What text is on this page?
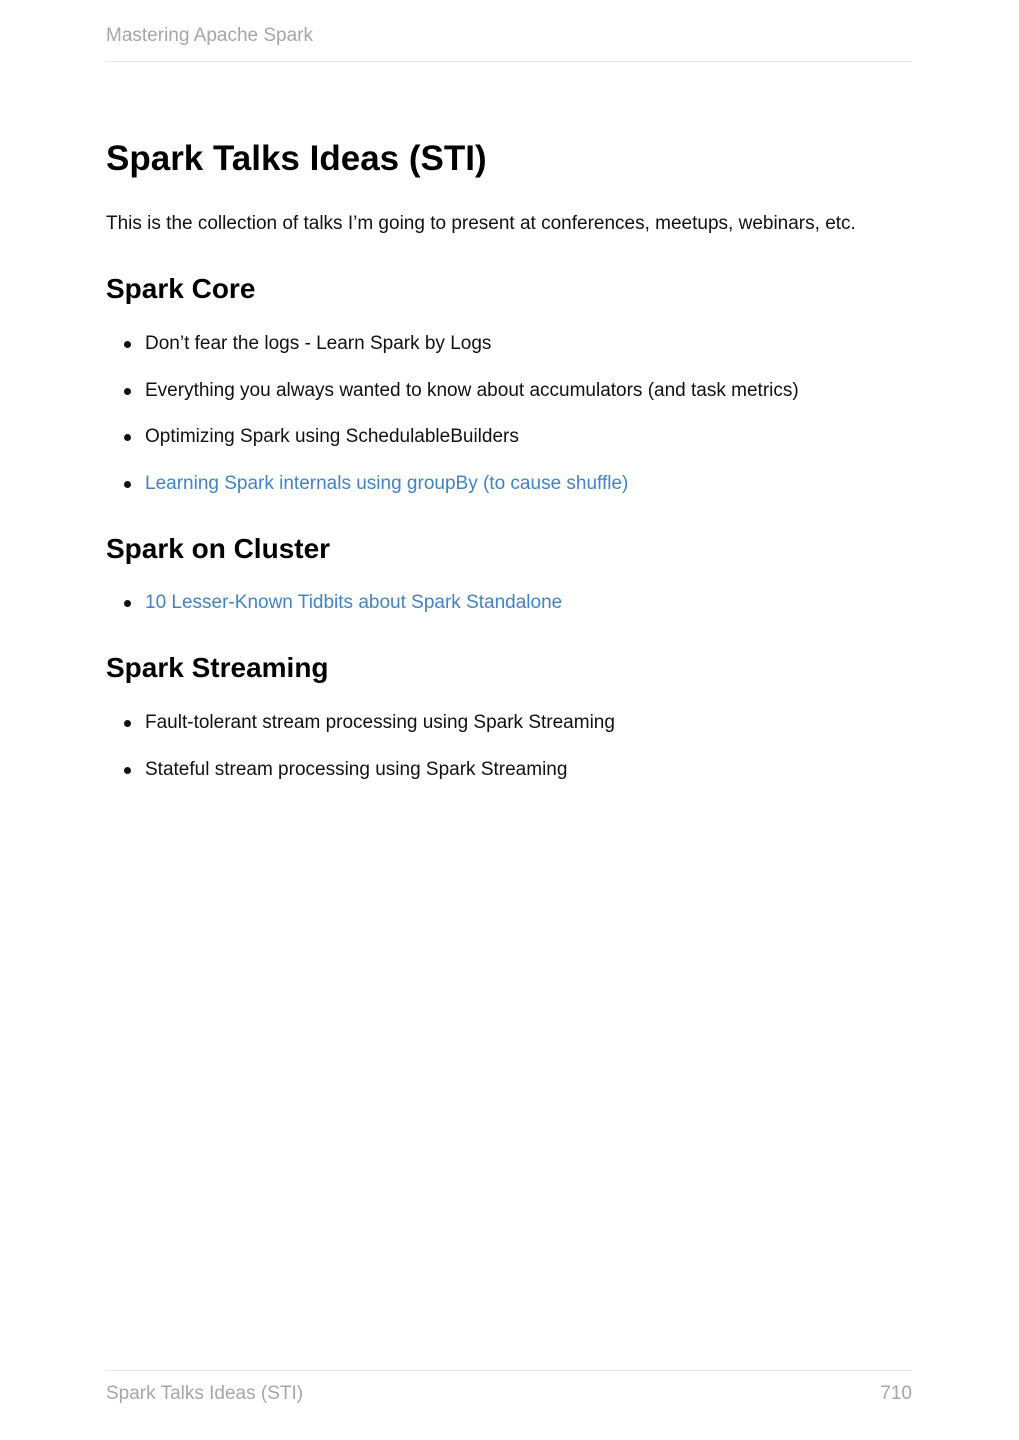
Mastering Apache Spark
Spark Talks Ideas (STI)

This is the collection of talks I’m going to present at conferences, meetups, webinars, etc.

Spark Core
Don’t fear the logs - Learn Spark by Logs
Everything you always wanted to know about accumulators (and task metrics)
Optimizing Spark using SchedulableBuilders
Learning Spark internals using groupBy (to cause shuffle)
Spark on Cluster
10 Lesser-Known Tidbits about Spark Standalone
Spark Streaming
Fault-tolerant stream processing using Spark Streaming
Stateful stream processing using Spark Streaming
Spark Talks Ideas (STI)	710
